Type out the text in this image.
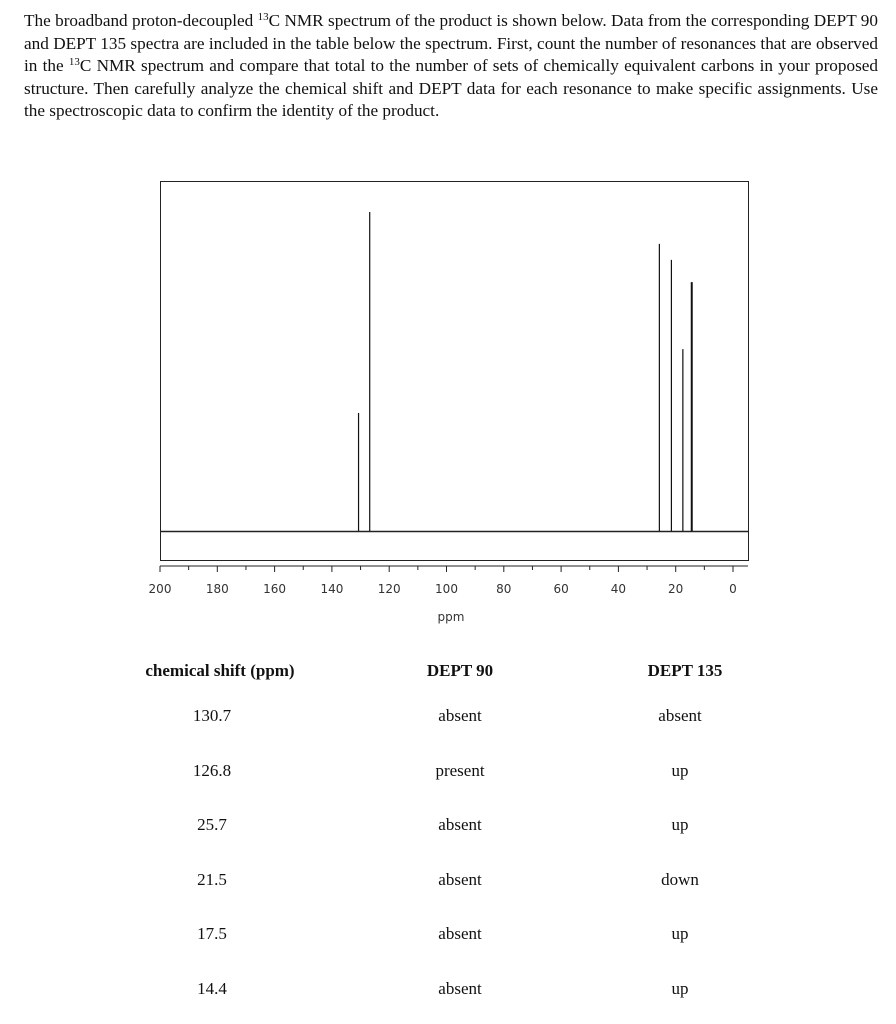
The broadband proton-decoupled $^{13}$C NMR spectrum of the product is shown below. Data from the corresponding DEPT 90 and DEPT 135 spectra are included in the table below the spectrum. First, count the number of resonances that are observed in the $^{13}$C NMR spectrum and compare that total to the number of sets of chemically equivalent carbons in your proposed structure. Then carefully analyze the chemical shift and DEPT data for each resonance to make specific assignments. Use the spectroscopic data to confirm the identity of the product.

200	180	160	140	120	100	80	60	40	20	0
ppm
chemical shift (ppm)	DEPT 90	DEPT 135
130.7	absent	absent
126.8	present	up
25.7	absent	up
21.5	absent	down
17.5	absent	up
14.4	absent	up
